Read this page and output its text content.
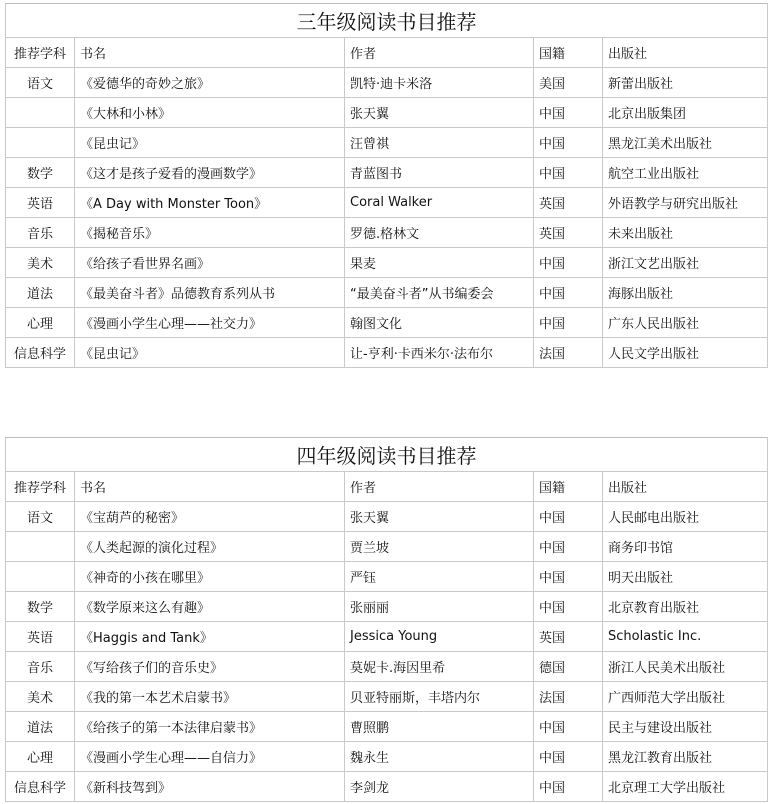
三年级阅读书目推荐				
推荐学科	书名	作者	国籍	出版社
语文	《爱德华的奇妙之旅》	凯特·迪卡米洛	美国	新蕾出版社
	《大林和小林》	张天翼	中国	北京出版集团
	《昆虫记》	汪曾祺	中国	黑龙江美术出版社
数学	《这才是孩子爱看的漫画数学》	青蓝图书	中国	航空工业出版社
英语	《A Day with Monster Toon》	Coral Walker	英国	外语教学与研究出版社
音乐	《揭秘音乐》	罗德.格林文	英国	未来出版社
美术	《给孩子看世界名画》	果麦	中国	浙江文艺出版社
道法	《最美奋斗者》品德教育系列从书	“最美奋斗者”从书编委会	中国	海豚出版社
心理	《漫画小学生心理——社交力》	翰图文化	中国	广东人民出版社
信息科学	《昆虫记》	让-亨利·卡西米尔·法布尔	法国	人民文学出版社
四年级阅读书目推荐				
推荐学科	书名	作者	国籍	出版社
语文	《宝葫芦的秘密》	张天翼	中国	人民邮电出版社
	《人类起源的演化过程》	贾兰坡	中国	商务印书馆
	《神奇的小孩在哪里》	严钰	中国	明天出版社
数学	《数学原来这么有趣》	张丽丽	中国	北京教育出版社
英语	《Haggis and Tank》	Jessica Young	英国	Scholastic Inc.
音乐	《写给孩子们的音乐史》	莫妮卡.海因里希	德国	浙江人民美术出版社
美术	《我的第一本艺术启蒙书》	贝亚特丽斯，丰塔内尔	法国	广西师范大学出版社
道法	《给孩子的第一本法律启蒙书》	曹照鹏	中国	民主与建设出版社
心理	《漫画小学生心理——自信力》	魏永生	中国	黑龙江教育出版社
信息科学	《新科技驾到》	李剑龙	中国	北京理工大学出版社
